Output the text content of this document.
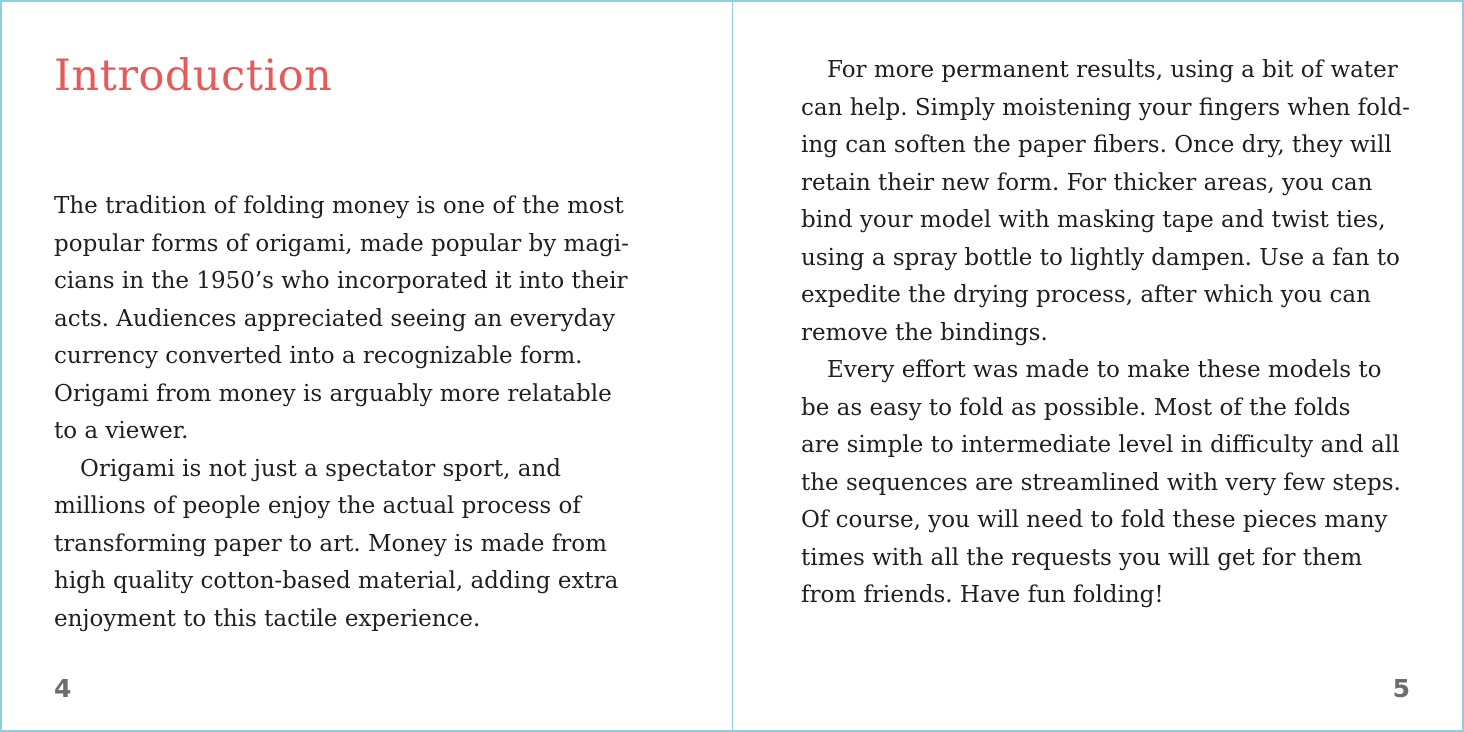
Introduction
The tradition of folding money is one of the most
popular forms of origami, made popular by magi-
cians in the 1950’s who incorporated it into their
acts. Audiences appreciated seeing an everyday
currency converted into a recognizable form.
Origami from money is arguably more relatable
to a viewer.
Origami is not just a spectator sport, and
millions of people enjoy the actual process of
transforming paper to art. Money is made from
high quality cotton-based material, adding extra
enjoyment to this tactile experience.
4
For more permanent results, using a bit of water
can help. Simply moistening your fingers when fold-
ing can soften the paper fibers. Once dry, they will
retain their new form. For thicker areas, you can
bind your model with masking tape and twist ties,
using a spray bottle to lightly dampen. Use a fan to
expedite the drying process, after which you can
remove the bindings.
Every effort was made to make these models to
be as easy to fold as possible. Most of the folds
are simple to intermediate level in difficulty and all
the sequences are streamlined with very few steps.
Of course, you will need to fold these pieces many
times with all the requests you will get for them
from friends. Have fun folding!
5
